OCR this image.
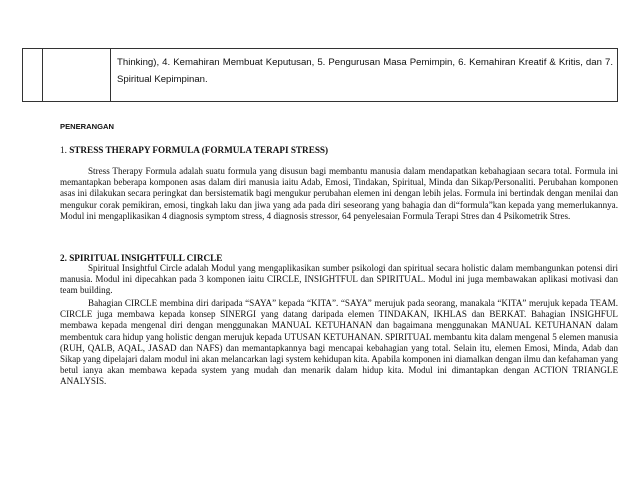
Thinking), 4. Kemahiran Membuat Keputusan, 5. Pengurusan Masa Pemimpin, 6. Kemahiran Kreatif & Kritis, dan 7. Spiritual Kepimpinan.
PENERANGAN
1. STRESS THERAPY FORMULA (FORMULA TERAPI STRESS)

Stress Therapy Formula adalah suatu formula yang disusun bagi membantu manusia dalam mendapatkan kebahagiaan secara total. Formula ini memantapkan beberapa komponen asas dalam diri manusia iaitu Adab, Emosi, Tindakan, Spiritual, Minda dan Sikap/Personaliti. Perubahan komponen asas ini dilakukan secara peringkat dan bersistematik bagi mengukur perubahan elemen ini dengan lebih jelas. Formula ini bertindak dengan menilai dan mengukur corak pemikiran, emosi, tingkah laku dan jiwa yang ada pada diri seseorang yang bahagia dan di“formula”kan kepada yang memerlukannya. Modul ini mengaplikasikan 4 diagnosis symptom stress, 4 diagnosis stressor, 64 penyelesaian Formula Terapi Stres dan 4 Psikometrik Stres.

2. SPIRITUAL INSIGHTFULL CIRCLE

Spiritual Insightful Circle adalah Modul yang mengaplikasikan sumber psikologi dan spiritual secara holistic dalam membangunkan potensi diri manusia. Modul ini dipecahkan pada 3 komponen iaitu CIRCLE, INSIGHTFUL dan SPIRITUAL. Modul ini juga membawakan aplikasi motivasi dan team building.

Bahagian CIRCLE membina diri daripada “SAYA” kepada “KITA”. “SAYA” merujuk pada seorang, manakala “KITA” merujuk kepada TEAM. CIRCLE juga membawa kepada konsep SINERGI yang datang daripada elemen TINDAKAN, IKHLAS dan BERKAT. Bahagian INSIGHFUL membawa kepada mengenal diri dengan menggunakan MANUAL KETUHANAN dan bagaimana menggunakan MANUAL KETUHANAN dalam membentuk cara hidup yang holistic dengan merujuk kepada UTUSAN KETUHANAN. SPIRITUAL membantu kita dalam mengenal 5 elemen manusia (RUH, QALB, AQAL, JASAD dan NAFS) dan memantapkannya bagi mencapai kebahagian yang total. Selain itu, elemen Emosi, Minda, Adab dan Sikap yang dipelajari dalam modul ini akan melancarkan lagi system kehidupan kita. Apabila komponen ini diamalkan dengan ilmu dan kefahaman yang betul ianya akan membawa kepada system yang mudah dan menarik dalam hidup kita. Modul ini dimantapkan dengan ACTION TRIANGLE ANALYSIS.
